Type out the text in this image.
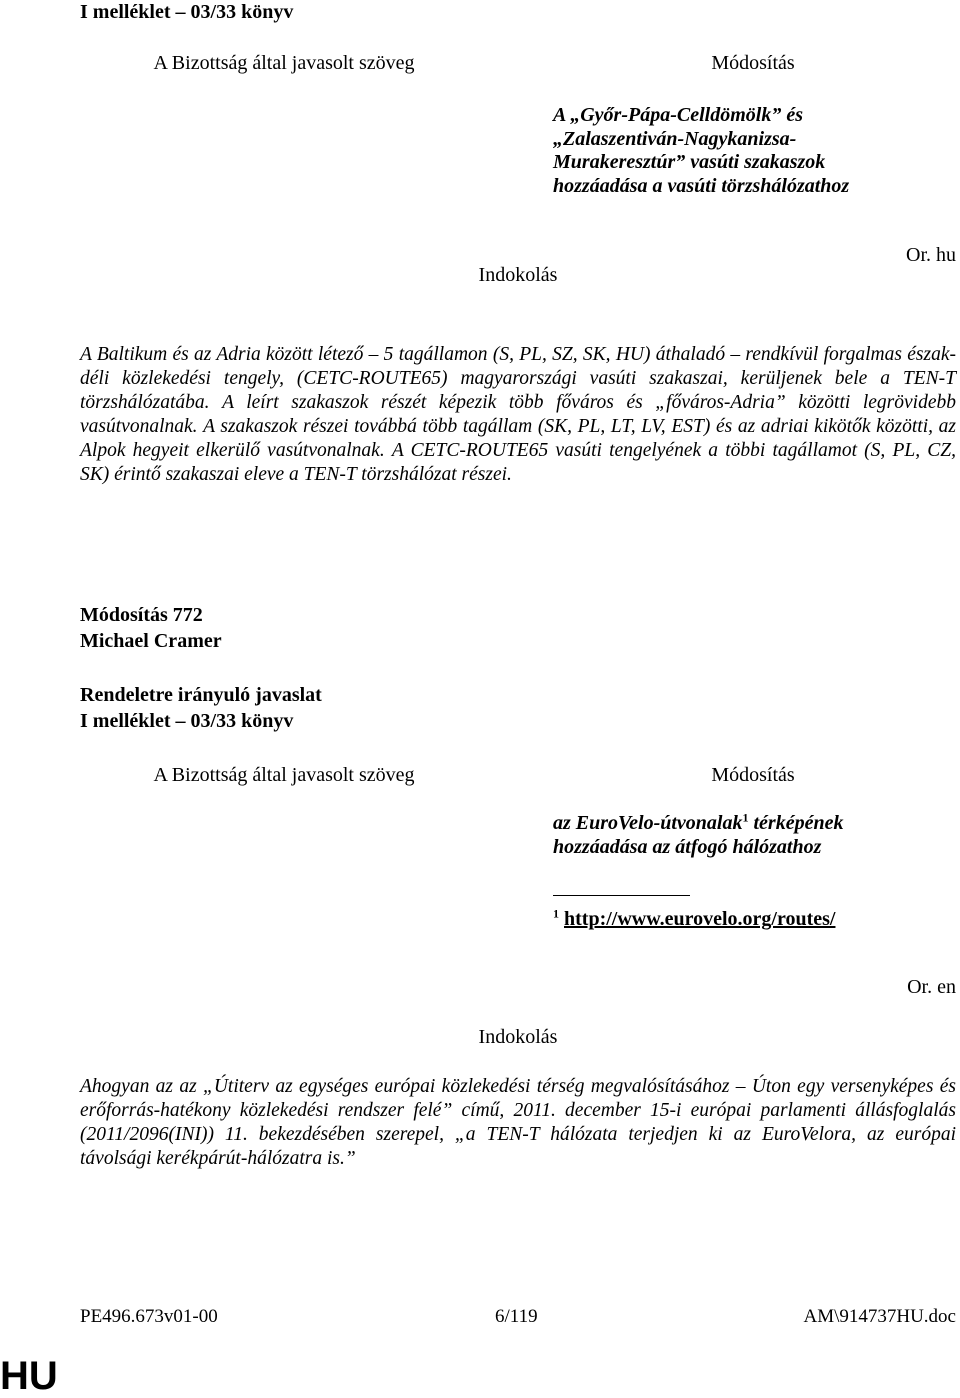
I melléklet – 03/33 könyv
A Bizottság által javasolt szöveg	Módosítás
A „Győr-Pápa-Celldömölk” és „Zalaszentiván-Nagykanizsa-Murakeresztúr” vasúti szakaszok hozzáadása a vasúti törzshálózathoz
Or. hu
Indokolás
A Baltikum és az Adria között létező – 5 tagállamon (S, PL, SZ, SK, HU) áthaladó – rendkívül forgalmas észak-déli közlekedési tengely, (CETC-ROUTE65) magyarországi vasúti szakaszai, kerüljenek bele a TEN-T törzshálózatába. A leírt szakaszok részét képezik több főváros és „főváros-Adria” közötti legrövidebb vasútvonalnak. A szakaszok részei továbbá több tagállam (SK, PL, LT, LV, EST) és az adriai kikötők közötti, az Alpok hegyeit elkerülő vasútvonalnak. A CETC-ROUTE65 vasúti tengelyének a többi tagállamot (S, PL, CZ, SK) érintő szakaszai eleve a TEN-T törzshálózat részei.
Módosítás 772
Michael Cramer
Rendeletre irányuló javaslat
I melléklet – 03/33 könyv
A Bizottság által javasolt szöveg	Módosítás
az EuroVelo-útvonalak$^1$ térképének hozzáadása az átfogó hálózathoz
$^1$ http://www.eurovelo.org/routes/
Or. en
Indokolás
Ahogyan az az „Útiterv az egységes európai közlekedési térség megvalósításához – Úton egy versenyképes és erőforrás-hatékony közlekedési rendszer felé” című, 2011. december 15-i európai parlamenti állásfoglalás (2011/2096(INI)) 11. bekezdésében szerepel, „a TEN-T hálózata terjedjen ki az EuroVelora, az európai távolsági kerékpárút-hálózatra is.”
PE496.673v01-00	6/119	AM\914737HU.doc
HU
